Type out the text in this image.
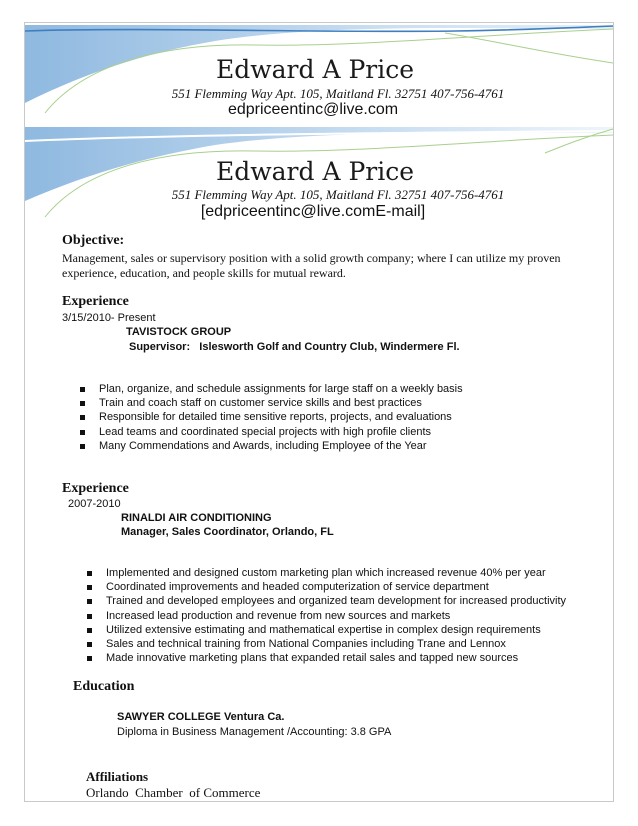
Edward A Price
551 Flemming Way Apt. 105, Maitland Fl. 32751 407-756-4761
edpriceentinc@live.com
Edward A Price
551 Flemming Way Apt. 105, Maitland Fl. 32751 407-756-4761
[edpriceentinc@live.comE-mail]
Objective:
Management, sales or supervisory position with a solid growth company; where I can utilize my proven experience, education, and people skills for mutual reward.
Experience
3/15/2010- Present
TAVISTOCK GROUP
Supervisor:   Islesworth Golf and Country Club, Windermere Fl.
Plan, organize, and schedule assignments for large staff on a weekly basis
Train and coach staff on customer service skills and best practices
Responsible for detailed time sensitive reports, projects, and evaluations
Lead teams and coordinated special projects with high profile clients
Many Commendations and Awards, including Employee of the Year
Experience
2007-2010
RINALDI AIR CONDITIONING
Manager, Sales Coordinator, Orlando, FL
Implemented and designed custom marketing plan which increased revenue 40% per year
Coordinated improvements and headed computerization of service department
Trained and developed employees and organized team development for increased productivity
Increased lead production and revenue from new sources and markets
Utilized extensive estimating and mathematical expertise in complex design requirements
Sales and technical training from National Companies including Trane and Lennox
Made innovative marketing plans that expanded retail sales and tapped new sources
Education
SAWYER COLLEGE Ventura Ca.
Diploma in Business Management /Accounting: 3.8 GPA

Affiliations
Orlando  Chamber  of Commerce
